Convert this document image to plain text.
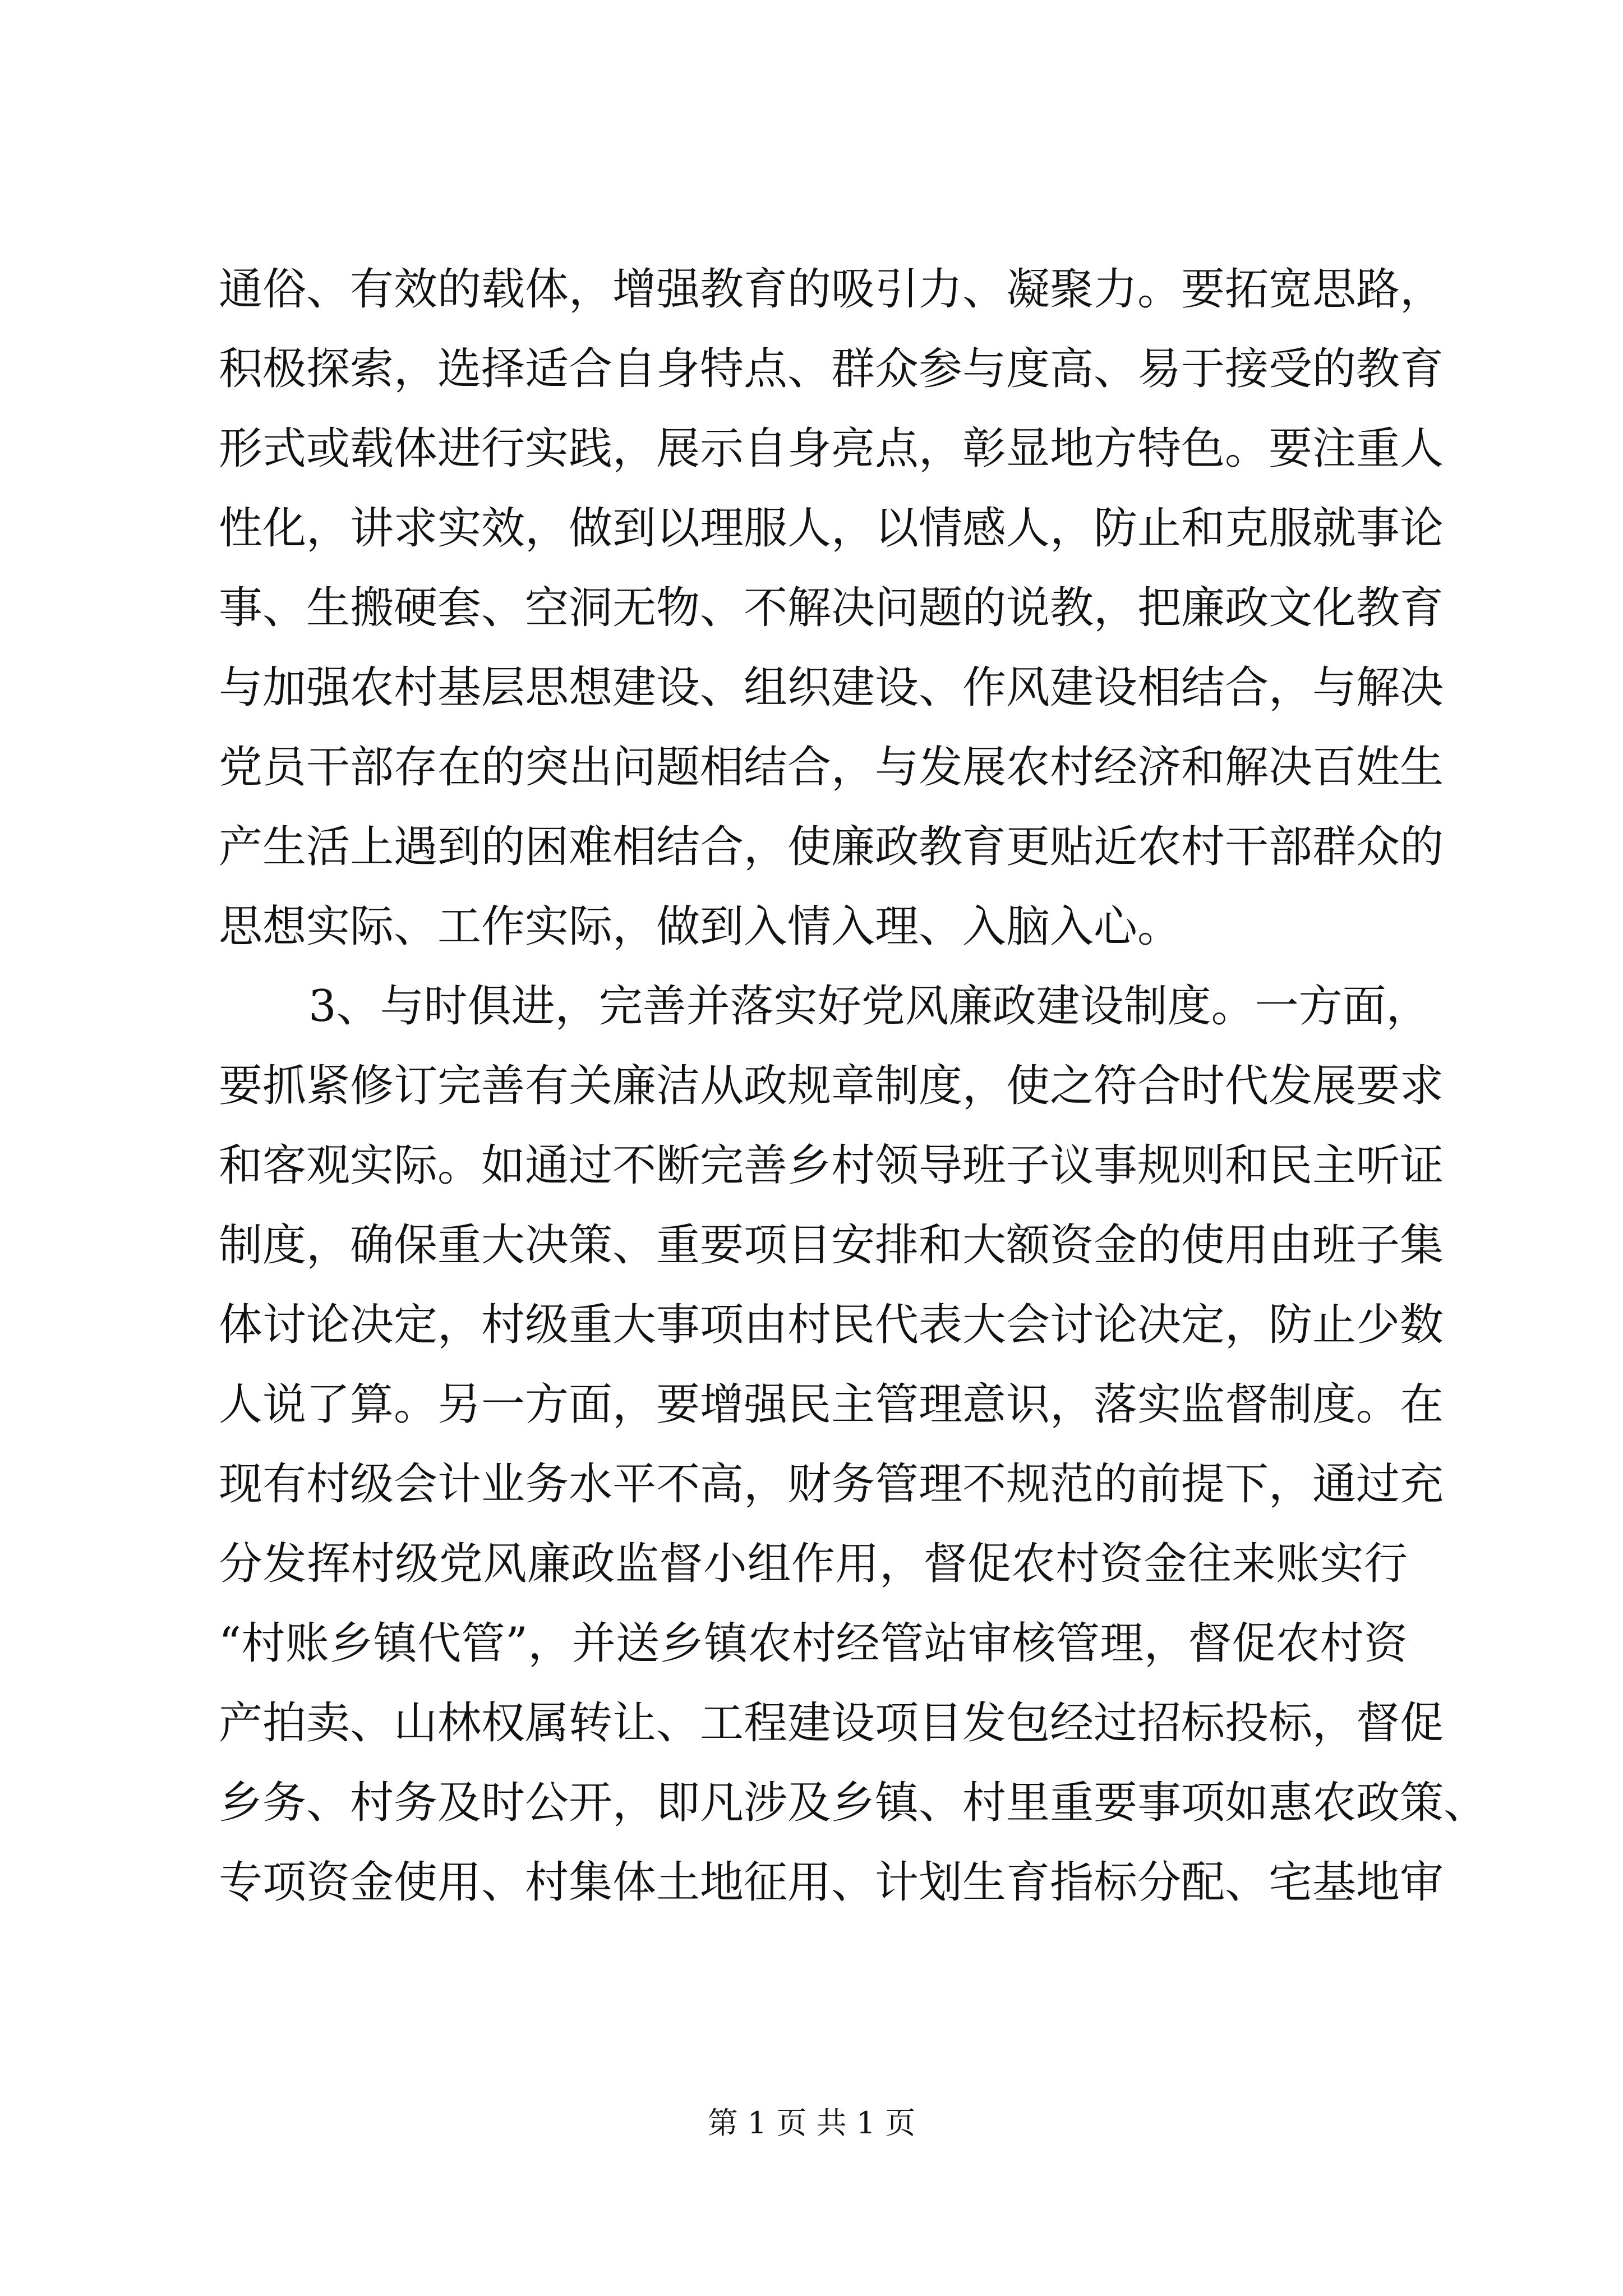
通俗、有效的载体，增强教育的吸引力、凝聚力。要拓宽思路，
积极探索，选择适合自身特点、群众参与度高、易于接受的教育
形式或载体进行实践，展示自身亮点，彰显地方特色。要注重人
性化，讲求实效，做到以理服人，以情感人，防止和克服就事论
事、生搬硬套、空洞无物、不解决问题的说教，把廉政文化教育
与加强农村基层思想建设、组织建设、作风建设相结合，与解决
党员干部存在的突出问题相结合，与发展农村经济和解决百姓生
产生活上遇到的困难相结合，使廉政教育更贴近农村干部群众的
思想实际、工作实际，做到入情入理、入脑入心。
3、与时俱进，完善并落实好党风廉政建设制度。一方面，
要抓紧修订完善有关廉洁从政规章制度，使之符合时代发展要求
和客观实际。如通过不断完善乡村领导班子议事规则和民主听证
制度，确保重大决策、重要项目安排和大额资金的使用由班子集
体讨论决定，村级重大事项由村民代表大会讨论决定，防止少数
人说了算。另一方面，要增强民主管理意识，落实监督制度。在
现有村级会计业务水平不高，财务管理不规范的前提下，通过充
分发挥村级党风廉政监督小组作用，督促农村资金往来账实行
“村账乡镇代管”，并送乡镇农村经管站审核管理，督促农村资
产拍卖、山林权属转让、工程建设项目发包经过招标投标，督促
乡务、村务及时公开，即凡涉及乡镇、村里重要事项如惠农政策、
专项资金使用、村集体土地征用、计划生育指标分配、宅基地审
第 1 页 共 1 页
